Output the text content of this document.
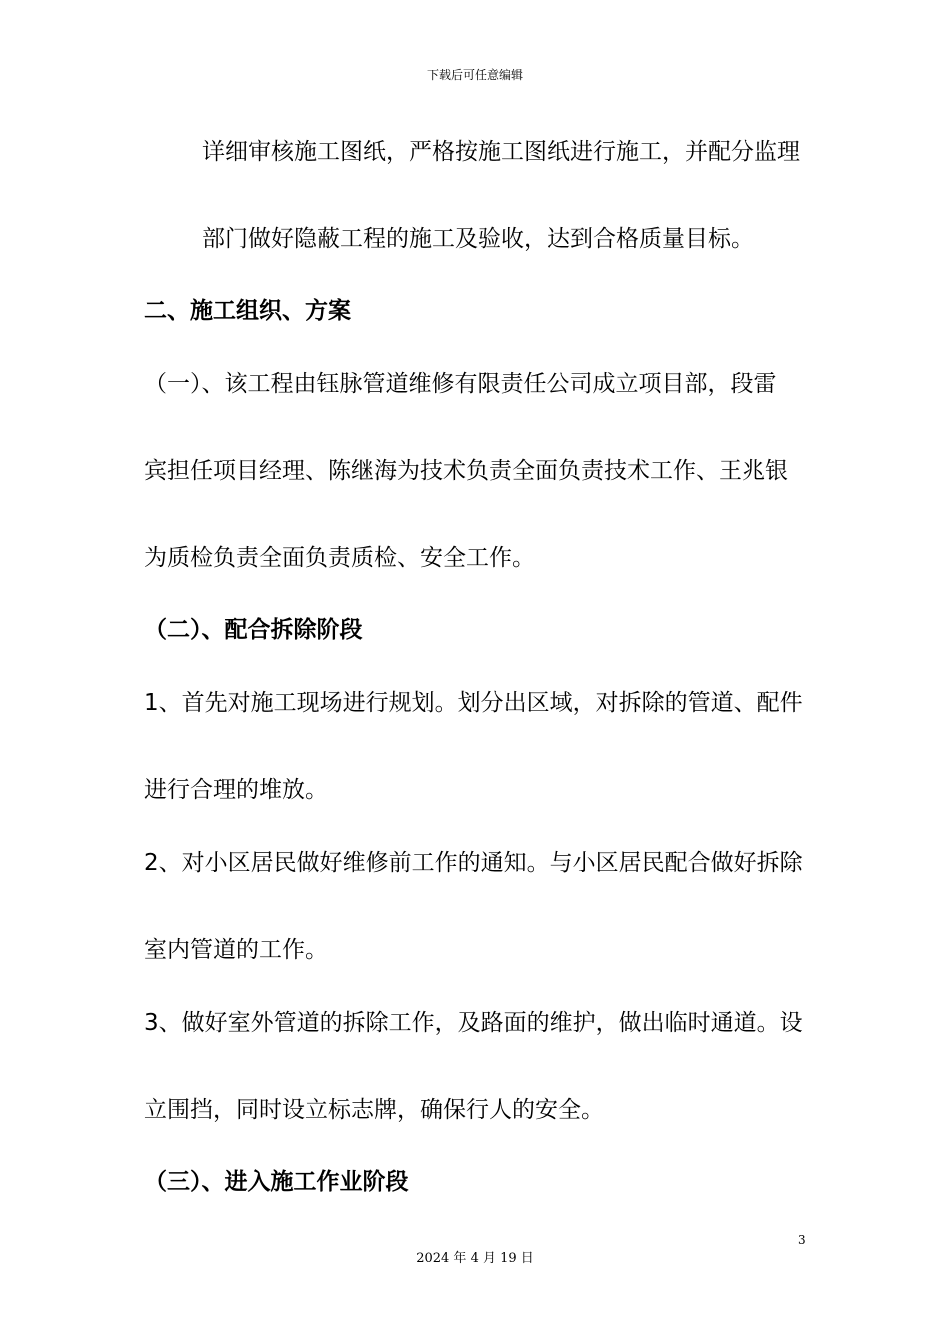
下载后可任意编辑
详细审核施工图纸，严格按施工图纸进行施工，并配分监理
部门做好隐蔽工程的施工及验收，达到合格质量目标。
二、施工组织、方案
（一）、该工程由钰脉管道维修有限责任公司成立项目部，段雷
宾担任项目经理、陈继海为技术负责全面负责技术工作、王兆银
为质检负责全面负责质检、安全工作。
（二）、配合拆除阶段
1、首先对施工现场进行规划。划分出区域，对拆除的管道、配件
进行合理的堆放。
2、对小区居民做好维修前工作的通知。与小区居民配合做好拆除
室内管道的工作。
3、做好室外管道的拆除工作，及路面的维护，做出临时通道。设
立围挡，同时设立标志牌，确保行人的安全。
（三）、进入施工作业阶段
3
2024 年 4 月 19 日
